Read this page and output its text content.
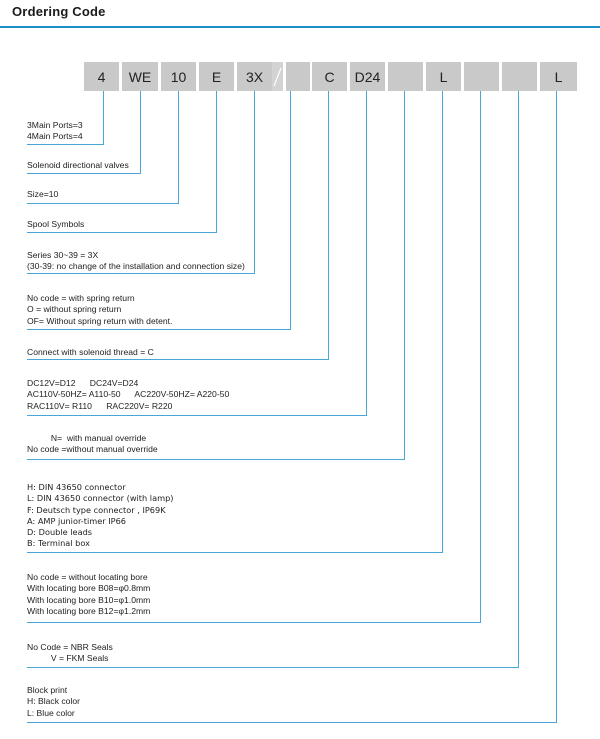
Ordering Code
4	WE	10	E	3X	C	D24	L	L
3Main Ports=3
4Main Ports=4
Solenoid directional valves
Size=10
Spool Symbols
Series 30~39 = 3X
(30-39: no change of the installation and connection size)
No code = with spring return
O = without spring return
OF= Without spring return with detent.
Connect with solenoid thread = C
DC12V=D12      DC24V=D24
AC110V-50HZ= A110-50      AC220V-50HZ= A220-50
RAC110V= R110      RAC220V= R220
N=  with manual override
No code =without manual override
H: DIN 43650 connector
L: DIN 43650 connector (with lamp)
F: Deutsch type connector , IP69K
A: AMP junior-timer IP66
D: Double leads
B: Terminal box
No code = without locating bore
With locating bore B08=φ0.8mm
With locating bore B10=φ1.0mm
With locating bore B12=φ1.2mm
No Code = NBR Seals
V = FKM Seals
Block print
H: Black color
L: Blue color
